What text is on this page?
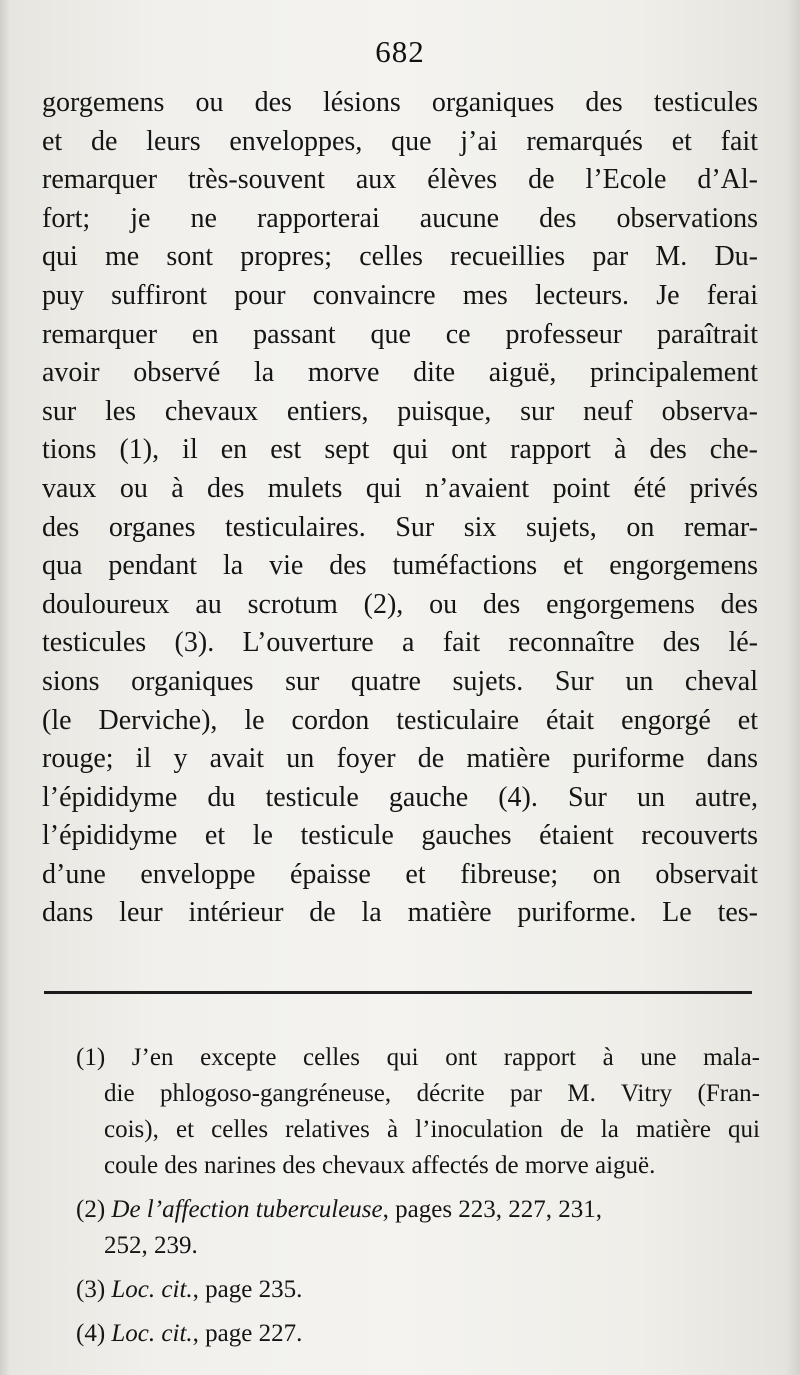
682
gorgemens ou des lésions organiques des testicules
et de leurs enveloppes, que j’ai remarqués et fait
remarquer très-souvent aux élèves de l’Ecole d’Al-
fort; je ne rapporterai aucune des observations
qui me sont propres; celles recueillies par M. Du-
puy suffiront pour convaincre mes lecteurs. Je ferai
remarquer en passant que ce professeur paraîtrait
avoir observé la morve dite aiguë, principalement
sur les chevaux entiers, puisque, sur neuf observa-
tions (1), il en est sept qui ont rapport à des che-
vaux ou à des mulets qui n’avaient point été privés
des organes testiculaires. Sur six sujets, on remar-
qua pendant la vie des tuméfactions et engorgemens
douloureux au scrotum (2), ou des engorgemens des
testicules (3). L’ouverture a fait reconnaître des lé-
sions organiques sur quatre sujets. Sur un cheval
(le Derviche), le cordon testiculaire était engorgé et
rouge; il y avait un foyer de matière puriforme dans
l’épididyme du testicule gauche (4). Sur un autre,
l’épididyme et le testicule gauches étaient recouverts
d’une enveloppe épaisse et fibreuse; on observait
dans leur intérieur de la matière puriforme. Le tes-
(1) J’en excepte celles qui ont rapport à une mala-
die phlogoso-gangréneuse, décrite par M. Vitry (Fran-
cois), et celles relatives à l’inoculation de la matière qui
coule des narines des chevaux affectés de morve aiguë.
(2) De l’affection tuberculeuse, pages 223, 227, 231,
252, 239.
(3) Loc. cit., page 235.
(4) Loc. cit., page 227.
